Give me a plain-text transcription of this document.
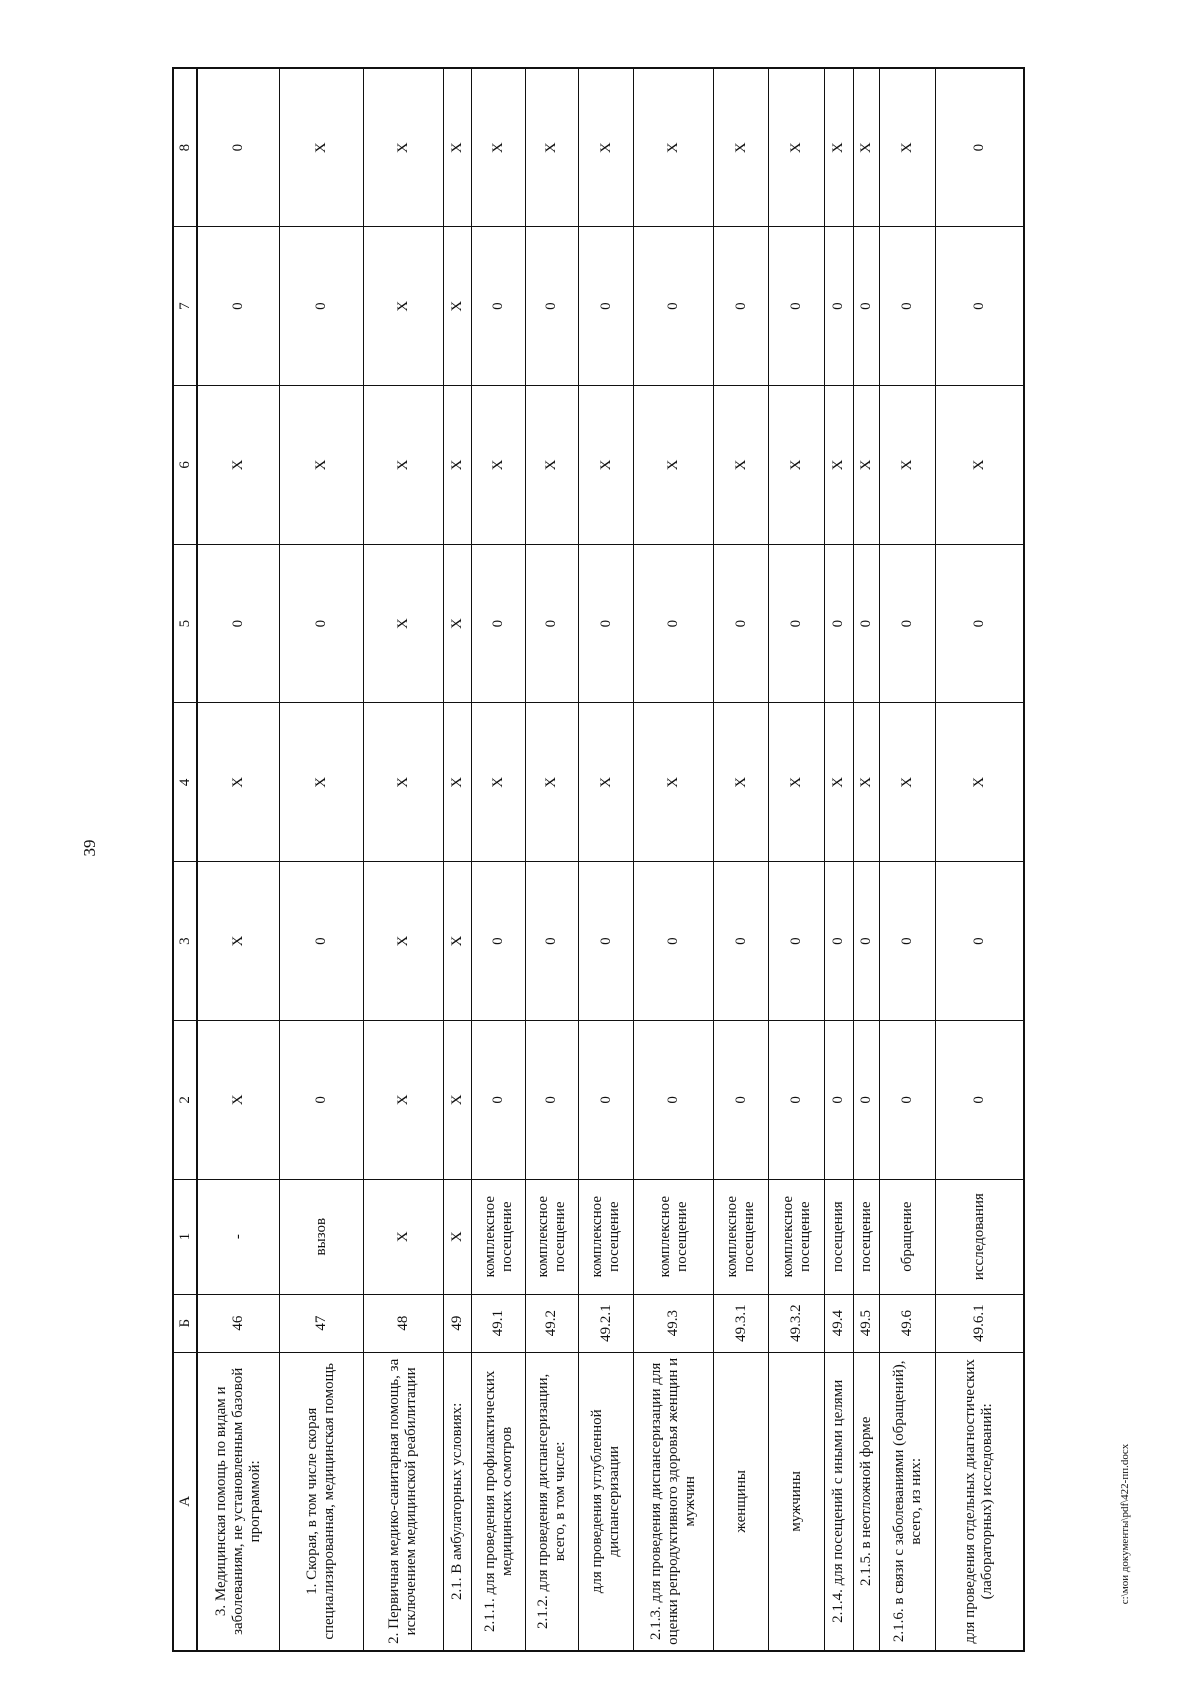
39
А	Б	1	2	3	4	5	6	7	8
3. Медицинская помощь по видам и заболеваниям, не установленным базовой программой:	46	-	X	X	X	0	X	0	0
1. Скорая, в том числе скорая специализированная, медицинская помощь	47	вызов	0	0	X	0	X	0	X
2. Первичная медико-санитарная помощь, за исключением медицинской реабилитации	48	X	X	X	X	X	X	X	X
2.1. В амбулаторных условиях:	49	X	X	X	X	X	X	X	X
2.1.1. для проведения профилактических медицинских осмотров	49.1	комплексное посещение	0	0	X	0	X	0	X
2.1.2. для проведения диспансеризации, всего, в том числе:	49.2	комплексное посещение	0	0	X	0	X	0	X
для проведения углубленной диспансеризации	49.2.1	комплексное посещение	0	0	X	0	X	0	X
2.1.3. для проведения диспансеризации для оценки репродуктивного здоровья женщин и мужчин	49.3	комплексное посещение	0	0	X	0	X	0	X
женщины	49.3.1	комплексное посещение	0	0	X	0	X	0	X
мужчины	49.3.2	комплексное посещение	0	0	X	0	X	0	X
2.1.4. для посещений с иными целями	49.4	посещения	0	0	X	0	X	0	X
2.1.5. в неотложной форме	49.5	посещение	0	0	X	0	X	0	X
2.1.6. в связи с заболеваниями (обращений), всего, из них:	49.6	обращение	0	0	X	0	X	0	X
для проведения отдельных диагностических (лабораторных) исследований:	49.6.1	исследования	0	0	X	0	X	0	0
c:\мои документы\pdf\422-пп.docx
